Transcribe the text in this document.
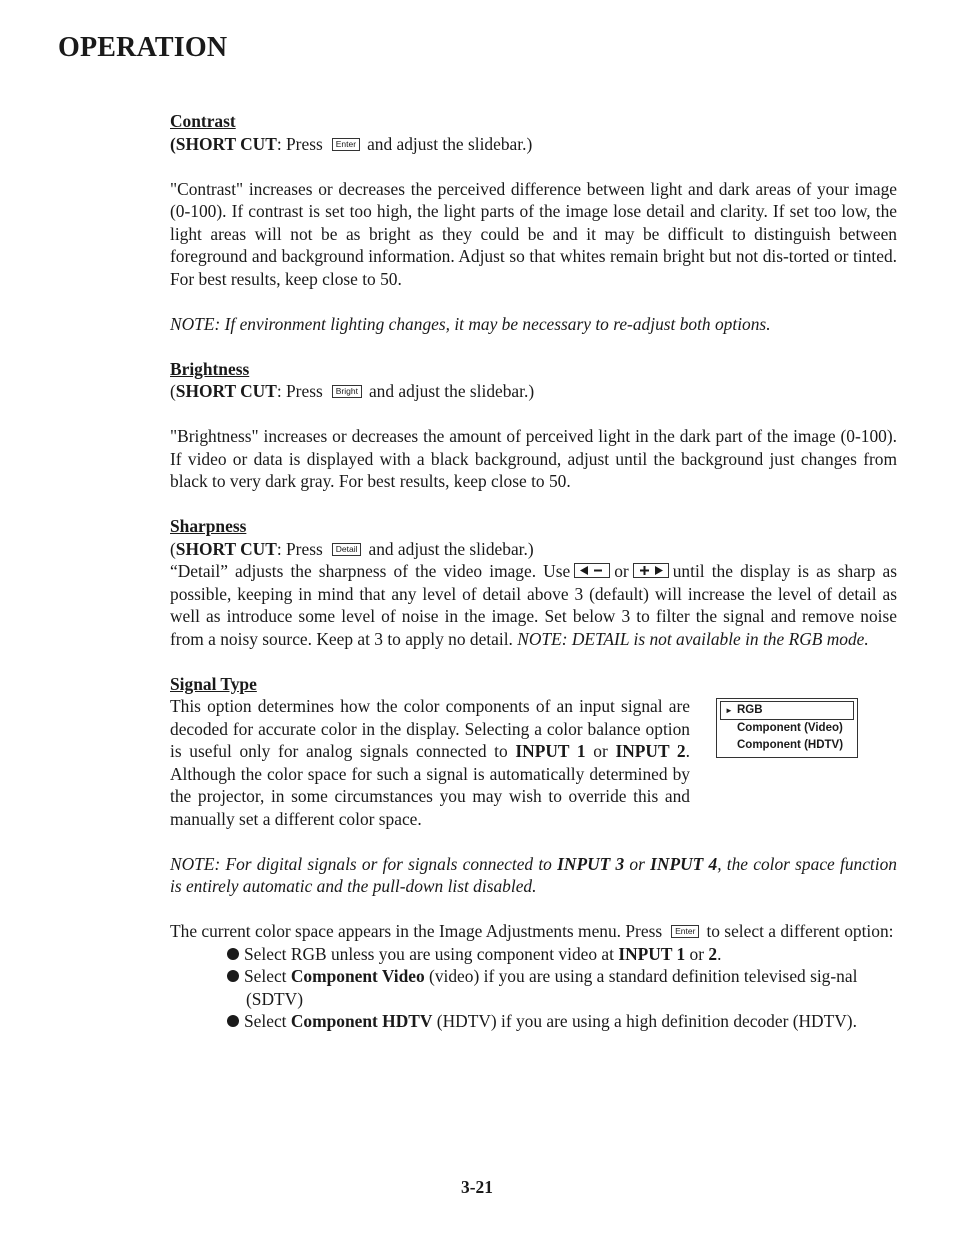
OPERATION

Contrast

(SHORT CUT: Press Enter and adjust the slidebar.)

"Contrast" increases or decreases the perceived difference between light and dark areas of your image (0-100). If contrast is set too high, the light parts of the image lose detail and clarity. If set too low, the light areas will not be as bright as they could be and it may be difficult to distinguish between foreground and background information. Adjust so that whites remain bright but not dis-torted or tinted. For best results, keep close to 50.

NOTE: If environment lighting changes, it may be necessary to re-adjust both options.

Brightness

(SHORT CUT: Press Bright and adjust the slidebar.)

"Brightness" increases or decreases the amount of perceived light in the dark part of the image (0-100). If video or data is displayed with a black background, adjust until the background just changes from black to very dark gray. For best results, keep close to 50.

Sharpness

(SHORT CUT: Press Detail and adjust the slidebar.)

“Detail” adjusts the sharpness of the video image. Use	or	until the display is as sharp as possible, keeping in mind that any level of detail above 3 (default) will increase the level of detail as well as introduce some level of noise in the image. Set below 3 to filter the signal and remove noise from a noisy source. Keep at 3 to apply no detail. NOTE: DETAIL is not available in the RGB mode.

Signal Type

This option determines how the color components of an input signal are decoded for accurate color in the display. Selecting a color balance option is useful only for analog signals connected to INPUT 1 or INPUT 2. Although the color space for such a signal is automatically determined by the projector, in some circumstances you may wish to override this and manually set a different color space.

► RGB
Component (Video)
Component (HDTV)

NOTE: For digital signals or for signals connected to INPUT 3 or INPUT 4, the color space function is entirely automatic and the pull-down list disabled.

The current color space appears in the Image Adjustments menu. Press Enter to select a different option:

Select RGB unless you are using component video at INPUT 1 or 2.

Select Component Video (video) if you are using a standard definition televised sig-nal (SDTV)

Select Component HDTV (HDTV) if you are using a high definition decoder (HDTV).

3-21
